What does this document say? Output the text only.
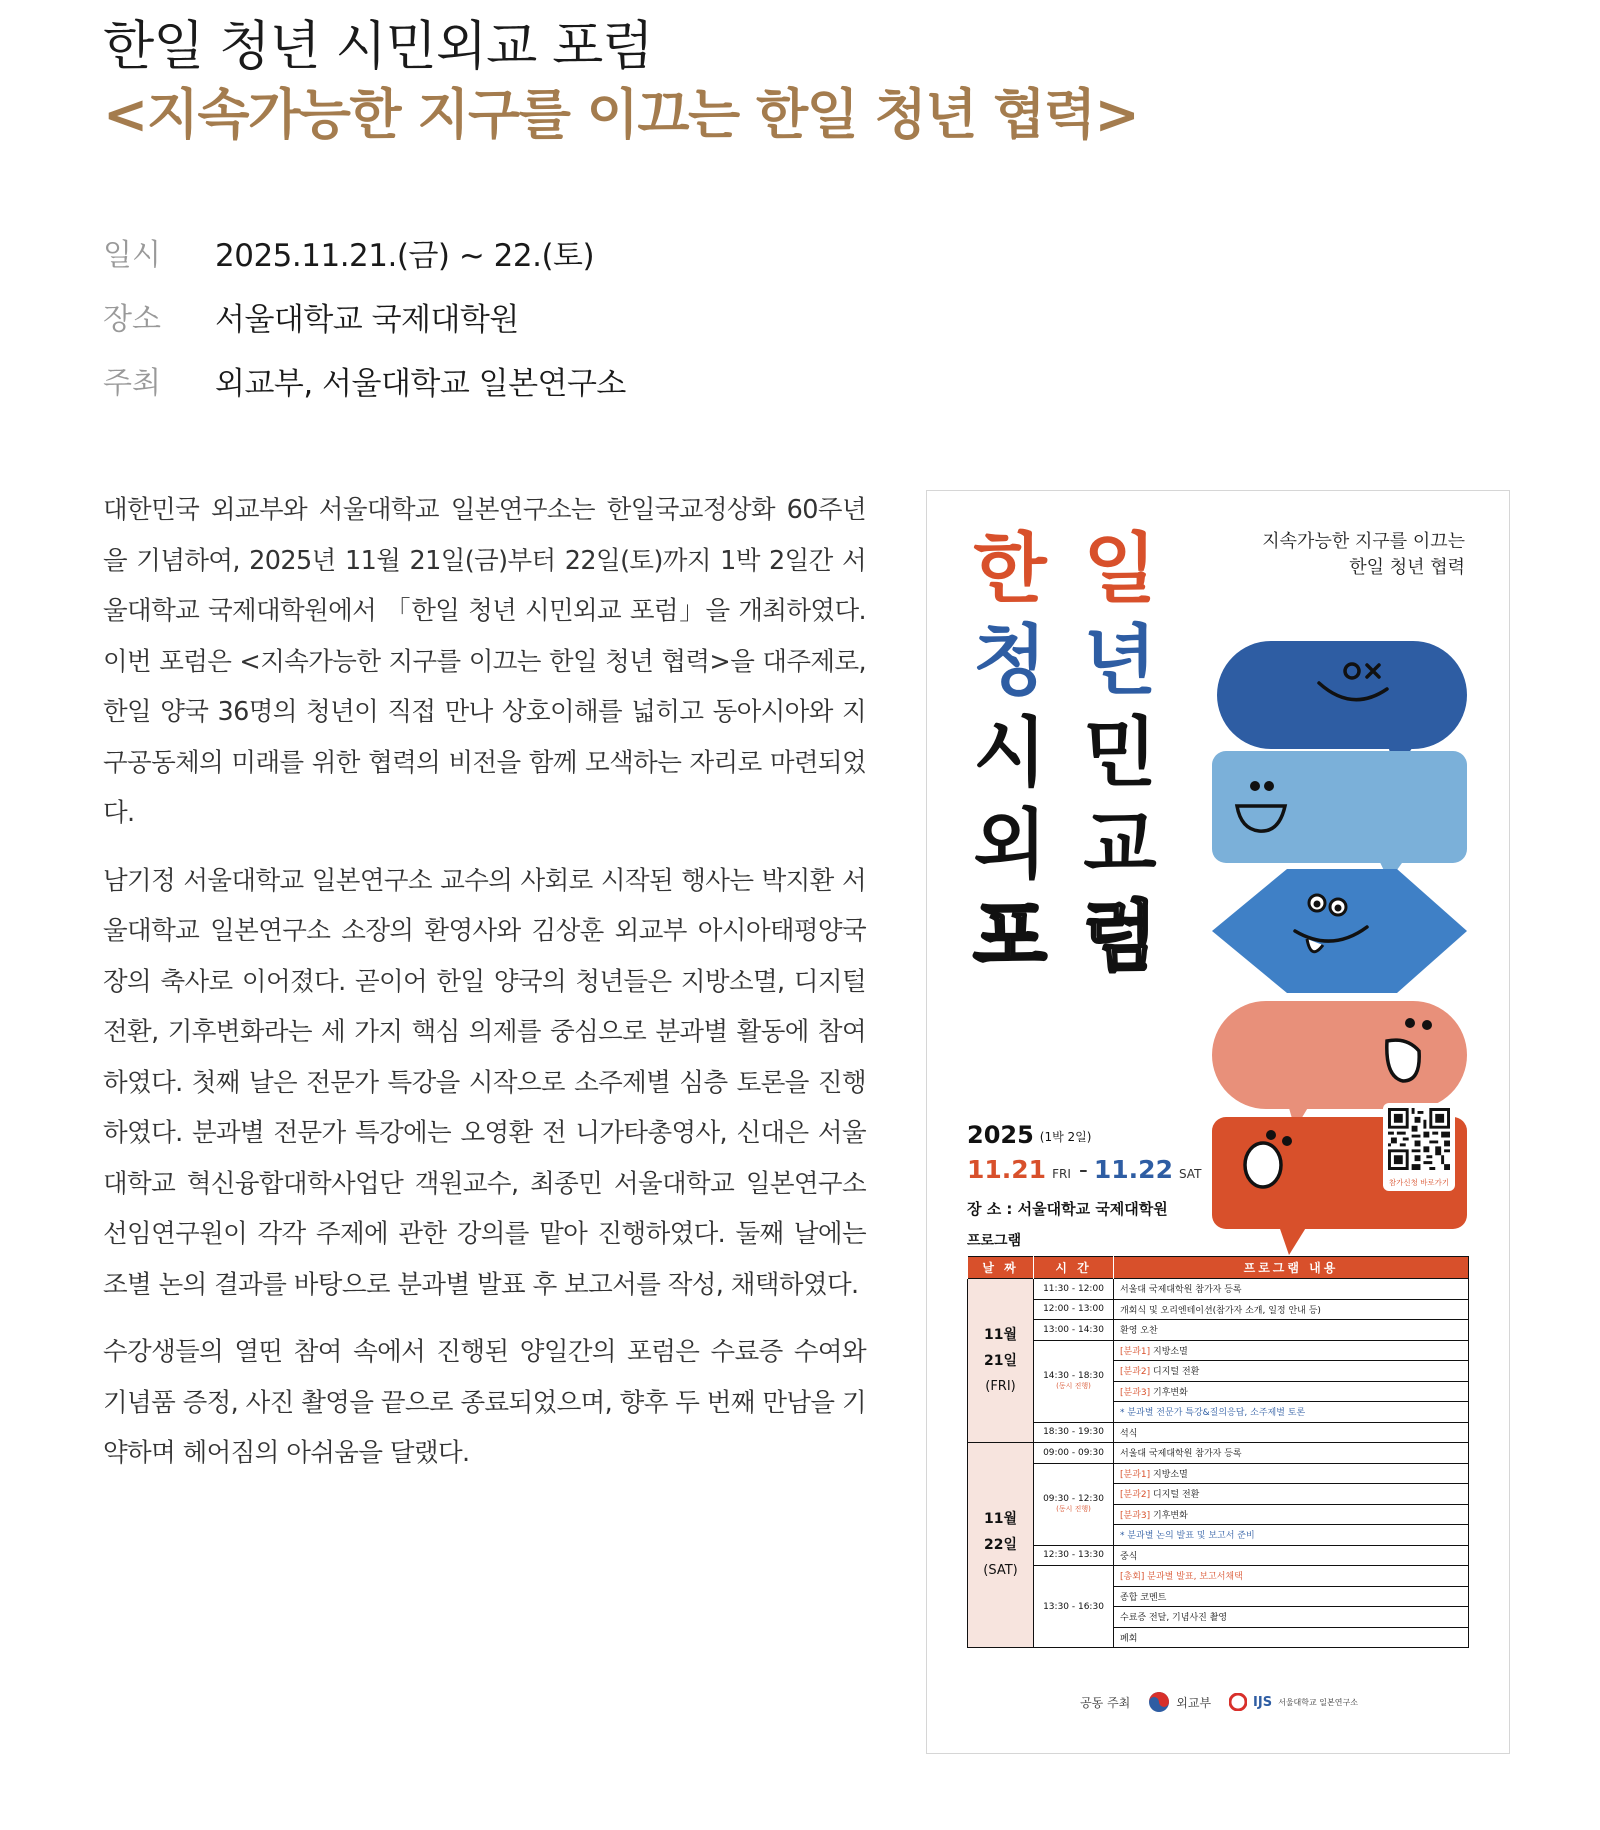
한일 청년 시민외교 포럼
<지속가능한 지구를 이끄는 한일 청년 협력>
일시	2025.11.21.(금) ~ 22.(토)
장소	서울대학교 국제대학원
주최	외교부, 서울대학교 일본연구소

대한민국 외교부와 서울대학교 일본연구소는 한일국교정상화 60주년을 기념하여, 2025년 11월 21일(금)부터 22일(토)까지 1박 2일간 서울대학교 국제대학원에서 「한일 청년 시민외교 포럼」을 개최하였다. 이번 포럼은 <지속가능한 지구를 이끄는 한일 청년 협력>을 대주제로, 한일 양국 36명의 청년이 직접 만나 상호이해를 넓히고 동아시아와 지구공동체의 미래를 위한 협력의 비전을 함께 모색하는 자리로 마련되었다.

남기정 서울대학교 일본연구소 교수의 사회로 시작된 행사는 박지환 서울대학교 일본연구소 소장의 환영사와 김상훈 외교부 아시아태평양국장의 축사로 이어졌다. 곧이어 한일 양국의 청년들은 지방소멸, 디지털 전환, 기후변화라는 세 가지 핵심 의제를 중심으로 분과별 활동에 참여하였다. 첫째 날은 전문가 특강을 시작으로 소주제별 심층 토론을 진행하였다. 분과별 전문가 특강에는 오영환 전 니가타총영사, 신대은 서울대학교 혁신융합대학사업단 객원교수, 최종민 서울대학교 일본연구소 선임연구원이 각각 주제에 관한 강의를 맡아 진행하였다. 둘째 날에는 조별 논의 결과를 바탕으로 분과별 발표 후 보고서를 작성, 채택하였다.

수강생들의 열띤 참여 속에서 진행된 양일간의 포럼은 수료증 수여와 기념품 증정, 사진 촬영을 끝으로 종료되었으며, 향후 두 번째 만남을 기약하며 헤어짐의 아쉬움을 달랬다.

지속가능한 지구를 이끄는
한일 청년 협력
한 일
청 년
시 민
외 교
포 럼
2025 (1박 2일)
11.21 FRI - 11.22 SAT
장 소 : 서울대학교 국제대학원
참가신청 바로가기
프로그램
날 짜	시 간	프로그램 내용

11월
21일
(FRI)	11:30 - 12:00	서울대 국제대학원 참가자 등록
	12:00 - 13:00	개회식 및 오리엔테이션(참가자 소개, 일정 안내 등)
	13:00 - 14:30	환영 오찬
	14:30 - 18:30
(동시 진행)	[분과1] 지방소멸
		[분과2] 디지털 전환
		[분과3] 기후변화
		* 분과별 전문가 특강&질의응답, 소주제별 토론
	18:30 - 19:30	석식

11월
22일
(SAT)	09:00 - 09:30	서울대 국제대학원 참가자 등록
	09:30 - 12:30
(동시 진행)	[분과1] 지방소멸
		[분과2] 디지털 전환
		[분과3] 기후변화
		* 분과별 논의 발표 및 보고서 준비
	12:30 - 13:30	중식
	13:30 - 16:30	[총회] 분과별 발표, 보고서채택
		종합 코멘트
		수료증 전달, 기념사진 촬영
		폐회
공동 주최	외교부	IJS 서울대학교 일본연구소
